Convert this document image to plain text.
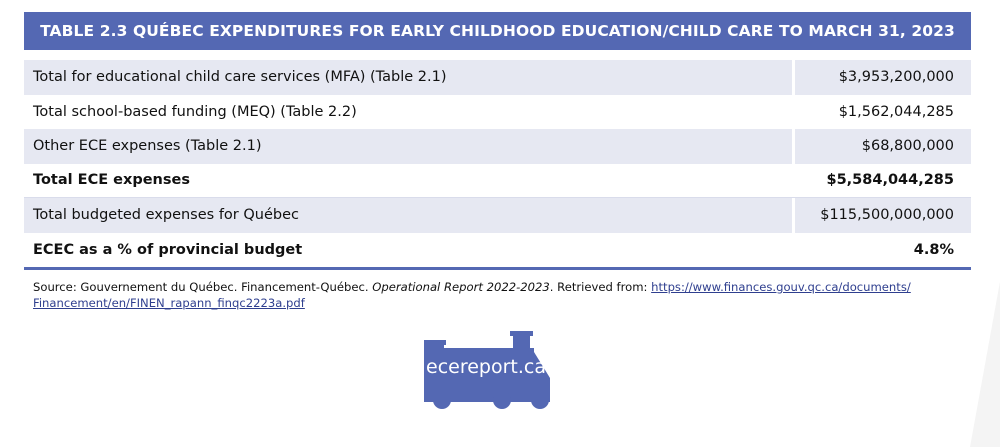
TABLE 2.3 QUÉBEC EXPENDITURES FOR EARLY CHILDHOOD EDUCATION/CHILD CARE TO MARCH 31, 2023
Total for educational child care services (MFA) (Table 2.1)	$3,953,200,000
Total school-based funding (MEQ) (Table 2.2)	$1,562,044,285
Other ECE expenses (Table 2.1)	$68,800,000
Total ECE expenses	$5,584,044,285
Total budgeted expenses for Québec	$115,500,000,000
ECEC as a % of provincial budget	4.8%
Source: Gouvernement du Québec. Financement-Québec. Operational Report 2022-2023. Retrieved from: https://www.finances.gouv.qc.ca/documents/
Financement/en/FINEN_rapann_finqc2223a.pdf
ecereport.ca
